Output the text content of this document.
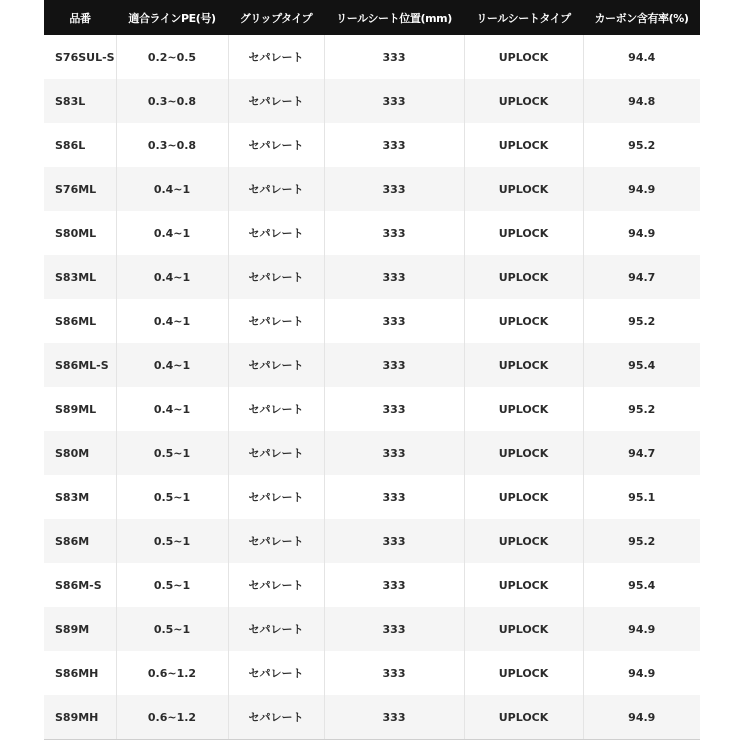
品番	適合ラインPE(号)	グリップタイプ	リールシート位置(mm)	リールシートタイプ	カーボン含有率(%)
S76SUL-S	0.2~0.5	セパレート	333	UPLOCK	94.4
S83L	0.3~0.8	セパレート	333	UPLOCK	94.8
S86L	0.3~0.8	セパレート	333	UPLOCK	95.2
S76ML	0.4~1	セパレート	333	UPLOCK	94.9
S80ML	0.4~1	セパレート	333	UPLOCK	94.9
S83ML	0.4~1	セパレート	333	UPLOCK	94.7
S86ML	0.4~1	セパレート	333	UPLOCK	95.2
S86ML-S	0.4~1	セパレート	333	UPLOCK	95.4
S89ML	0.4~1	セパレート	333	UPLOCK	95.2
S80M	0.5~1	セパレート	333	UPLOCK	94.7
S83M	0.5~1	セパレート	333	UPLOCK	95.1
S86M	0.5~1	セパレート	333	UPLOCK	95.2
S86M-S	0.5~1	セパレート	333	UPLOCK	95.4
S89M	0.5~1	セパレート	333	UPLOCK	94.9
S86MH	0.6~1.2	セパレート	333	UPLOCK	94.9
S89MH	0.6~1.2	セパレート	333	UPLOCK	94.9
